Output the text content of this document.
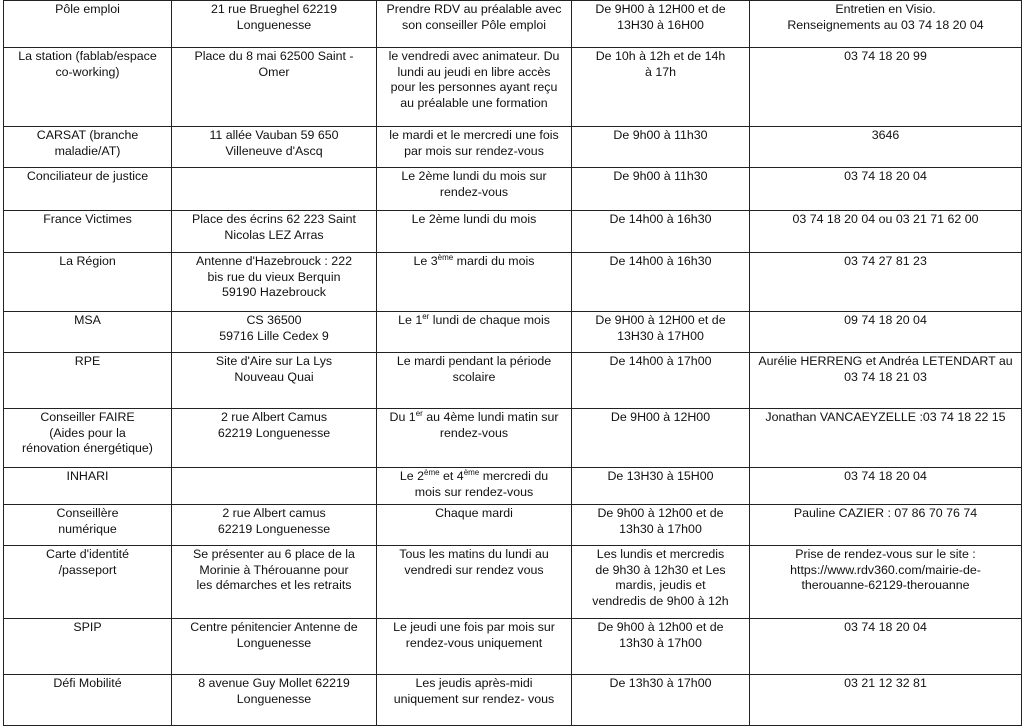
Pôle emploi	21 rue Brueghel 62219
Longuenesse	Prendre RDV au préalable avec
son conseiller Pôle emploi	De 9H00 à 12H00 et de
13H30 à 16H00	Entretien en Visio.
Renseignements au 03 74 18 20 04
La station (fablab/espace
co-working)	Place du 8 mai 62500 Saint -
Omer	le vendredi avec animateur. Du
lundi au jeudi en libre accès
pour les personnes ayant reçu
au préalable une formation	De 10h à 12h et de 14h
à 17h	03 74 18 20 99
CARSAT (branche
maladie/AT)	11 allée Vauban 59 650
Villeneuve d'Ascq	le mardi et le mercredi une fois
par mois sur rendez-vous	De 9h00 à 11h30	3646
Conciliateur de justice		Le 2ème lundi du mois sur
rendez-vous	De 9h00 à 11h30	03 74 18 20 04
France Victimes	Place des écrins 62 223 Saint
Nicolas LEZ Arras	Le 2ème lundi du mois	De 14h00 à 16h30	03 74 18 20 04 ou 03 21 71 62 00
La Région	Antenne d'Hazebrouck : 222
bis rue du vieux Berquin
59190 Hazebrouck	Le 3ème mardi du mois	De 14h00 à 16h30	03 74 27 81 23
MSA	CS 36500
59716 Lille Cedex 9	Le 1er lundi de chaque mois	De 9H00 à 12H00 et de
13H30 à 17H00	09 74 18 20 04
RPE	Site d'Aire sur La Lys
Nouveau Quai	Le mardi pendant la période
scolaire	De 14h00 à 17h00	Aurélie HERRENG et Andréa LETENDART au
03 74 18 21 03
Conseiller FAIRE
(Aides pour la
rénovation énergétique)	2 rue Albert Camus
62219 Longuenesse	Du 1er au 4ème lundi matin sur
rendez-vous	De 9H00 à 12H00	Jonathan VANCAEYZELLE :03 74 18 22 15
INHARI		Le 2ème et 4ème mercredi du
mois sur rendez-vous	De 13H30 à 15H00	03 74 18 20 04
Conseillère
numérique	2 rue Albert camus
62219 Longuenesse	Chaque mardi	De 9h00 à 12h00 et de
13h30 à 17h00	Pauline CAZIER : 07 86 70 76 74
Carte d'identité
/passeport	Se présenter au 6 place de la
Morinie à Thérouanne pour
les démarches et les retraits	Tous les matins du lundi au
vendredi sur rendez vous	Les lundis et mercredis
de 9h30 à 12h30 et Les
mardis, jeudis et
vendredis de 9h00 à 12h	Prise de rendez-vous sur le site :
https://www.rdv360.com/mairie-de-
therouanne-62129-therouanne
SPIP	Centre pénitencier Antenne de
Longuenesse	Le jeudi une fois par mois sur
rendez-vous uniquement	De 9h00 à 12h00 et de
13h30 à 17h00	03 74 18 20 04
Défi Mobilité	8 avenue Guy Mollet 62219
Longuenesse	Les jeudis après-midi
uniquement sur rendez- vous	De 13h30 à 17h00	03 21 12 32 81
